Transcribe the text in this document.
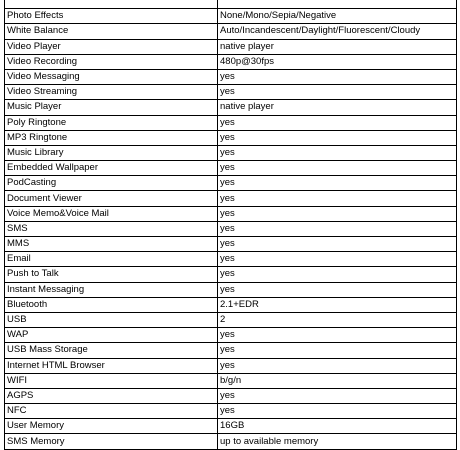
Photo Effects	None/Mono/Sepia/Negative
White Balance	Auto/Incandescent/Daylight/Fluorescent/Cloudy
Video Player	native player
Video Recording	480p@30fps
Video Messaging	yes
Video Streaming	yes
Music Player	native player
Poly Ringtone	yes
MP3 Ringtone	yes
Music Library	yes
Embedded Wallpaper	yes
PodCasting	yes
Document Viewer	yes
Voice Memo&Voice Mail	yes
SMS	yes
MMS	yes
Email	yes
Push to Talk	yes
Instant Messaging	yes
Bluetooth	2.1+EDR
USB	2
WAP	yes
USB Mass Storage	yes
Internet HTML Browser	yes
WIFI	b/g/n
AGPS	yes
NFC	yes
User Memory	16GB
SMS Memory	up to available memory
